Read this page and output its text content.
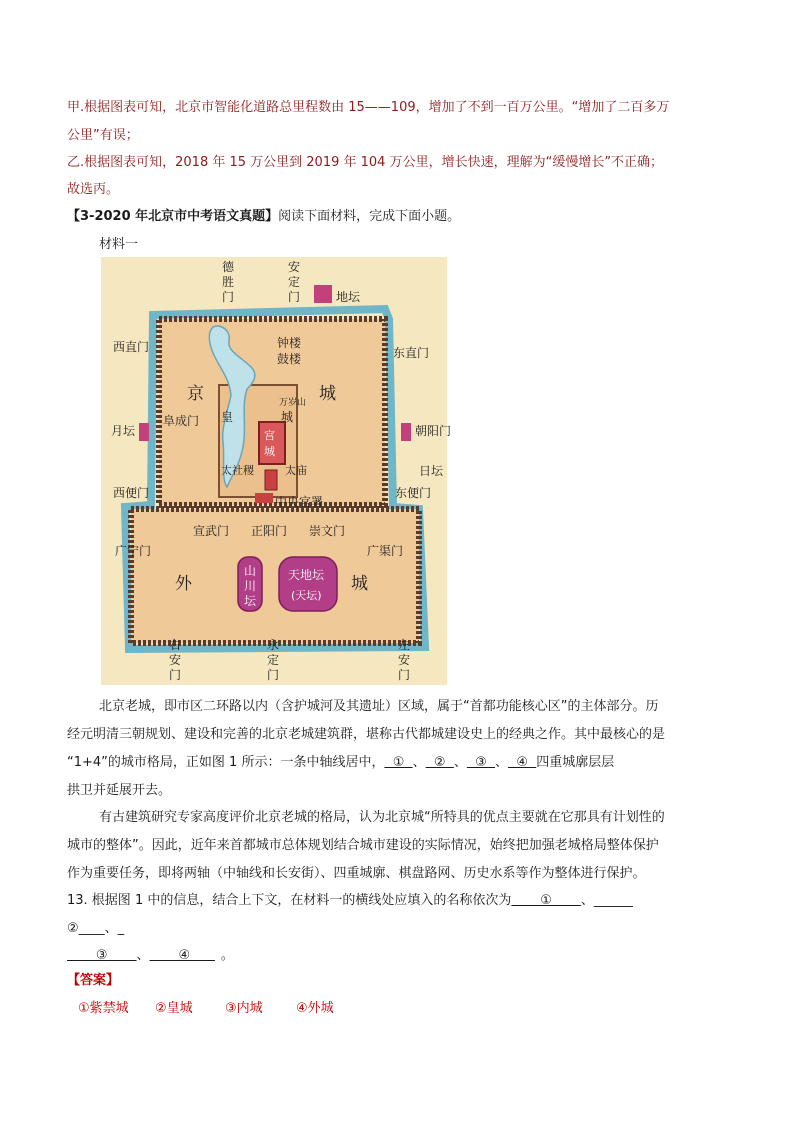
甲.根据图表可知，北京市智能化道路总里程数由 15——109，增加了不到一百万公里。“增加了二百多万
公里”有误；
乙.根据图表可知，2018 年 15 万公里到 2019 年 104 万公里，增长快速，理解为“缓慢增长”不正确；
故选丙。
【3-2020 年北京市中考语文真题】阅读下面材料，完成下面小题。
材料一
德
胜
门
安
定
门	地坛
西直门	东直门
钟楼
鼓楼
京	城
阜成门 皇
万岁山
城
宫
城
月坛	朝阳门
太社稷	太庙	日坛
西便门	东便门
中央官署
宣武门 正阳门 崇文门
广宁门	广渠门
外	城
山
川
坛
天地坛
(天坛)
右
安
门
永
定
门
左
安
门
北京老城，即市区二环路以内（含护城河及其遗址）区域，属于“首都功能核心区”的主体部分。历
经元明清三朝规划、建设和完善的北京老城建筑群，堪称古代都城建设史上的经典之作。其中最核心的是
“1+4”的城市格局，正如图 1 所示：一条中轴线居中，  ①  、  ②  、  ③  、  ④  四重城廓层层
拱卫并延展开去。
有古建筑研究专家高度评价北京老城的格局，认为北京城“所特具的优点主要就在它那具有计划性的
城市的整体”。因此，近年来首都城市总体规划结合城市建设的实际情况，始终把加强老城格局整体保护
作为重要任务，即将两轴（中轴线和长安街）、四重城廓、棋盘路网、历史水系等作为整体进行保护。
13. 根据图 1 中的信息，结合上下文，在材料一的横线处应填入的名称依次为       ①       、______
②____、_
③       、       ④      。
【答案】
①紫禁城 ②皇城 ③内城	④外城
